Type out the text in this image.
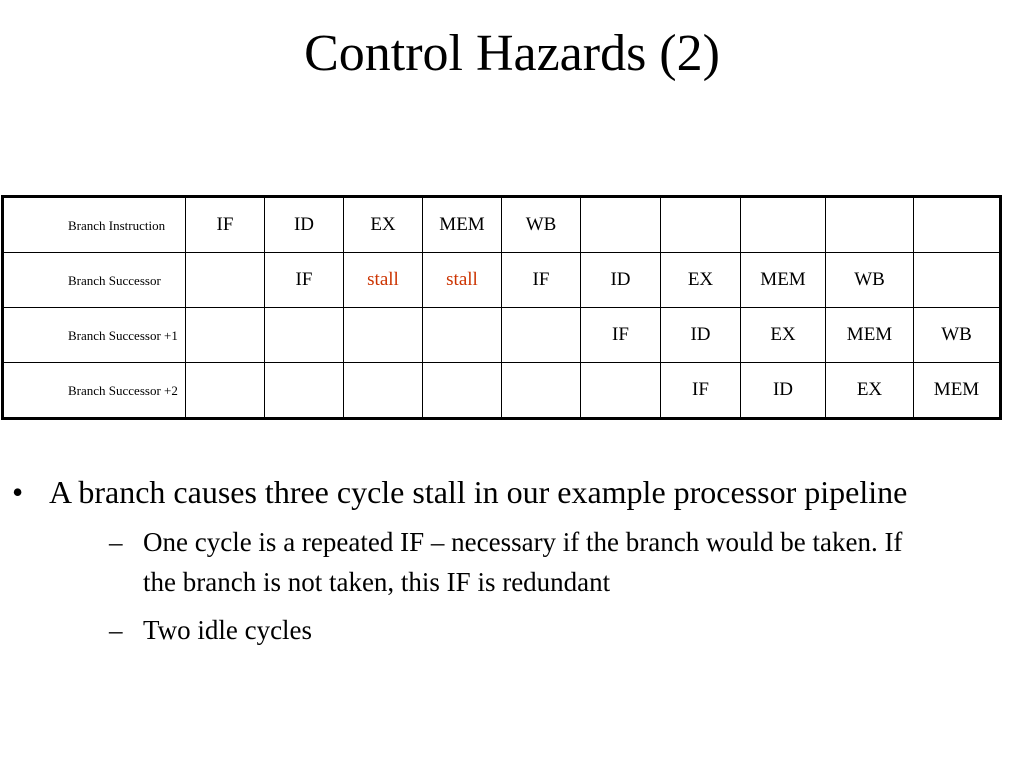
Control Hazards (2)
Branch Instruction	IF	ID	EX	MEM	WB					
Branch Successor		IF	stall	stall	IF	ID	EX	MEM	WB	
Branch Successor +1						IF	ID	EX	MEM	WB
Branch Successor +2							IF	ID	EX	MEM
• A branch causes three cycle stall in our example processor pipeline
– One cycle is a repeated IF – necessary if the branch would be taken. If the branch is not taken, this IF is redundant
– Two idle cycles
